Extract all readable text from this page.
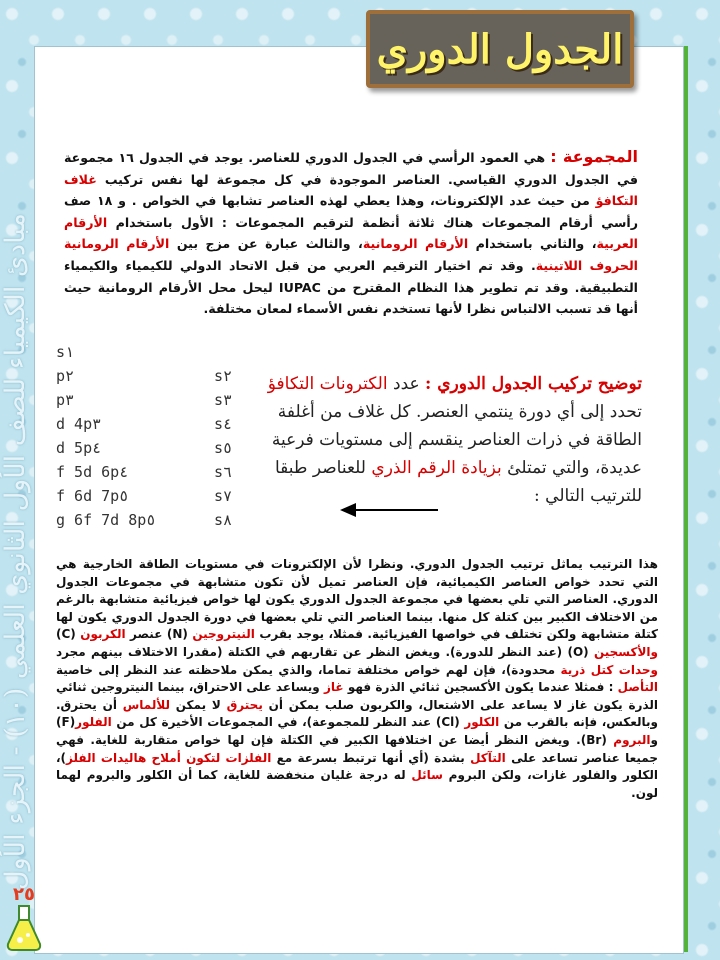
مبادئ الكيمياء للصف الأول الثانوي العلمي (١٠) - الجزء الأول
الجدول الدوري
المجموعة : هي العمود الرأسي في الجدول الدوري للعناصر. يوجد في الجدول ١٦ مجموعة في الجدول الدوري القياسي. العناصر الموجودة في كل مجموعة لها نفس تركيب غلاف التكافؤ من حيث عدد الإلكترونات، وهذا يعطي لهذه العناصر تشابها في الخواص . و ١٨ صف رأسي أرقام المجموعات هناك ثلاثة أنظمة لترقيم المجموعات : الأول باستخدام الأرقام العربية، والثاني باستخدام الأرقام الرومانية، والثالث عبارة عن مزج بين الأرقام الرومانية الحروف اللاتينية. وقد تم اختيار الترقيم العربي من قبل الاتحاد الدولي للكيمياء والكيمياء التطبيقية. وقد تم تطوير هذا النظام المقترح من IUPAC ليحل محل الأرقام الرومانية حيث أنها قد تسبب الالتباس نظرا لأنها تستخدم نفس الأسماء لمعان مختلفة.
s١
p٢	s٢
p٣	s٣
d 4p٣	s٤
d 5p٤	s٥
f 5d 6p٤	s٦
f 6d 7p٥	s٧
g 6f 7d 8p٥	s٨
توضيح تركيب الجدول الدوري : عدد الكترونات التكافؤ تحدد إلى أي دورة ينتمي العنصر. كل غلاف من أغلفة الطاقة في ذرات العناصر ينقسم إلى مستويات فرعية عديدة، والتي تمتلئ بزيادة الرقم الذري للعناصر طبقا للترتيب التالي :
هذا الترتيب يماثل ترتيب الجدول الدوري. ونظرا لأن الإلكترونات في مستويات الطاقة الخارجية هي التي تحدد خواص العناصر الكيميائية، فإن العناصر تميل لأن تكون متشابهة في مجموعات الجدول الدوري. العناصر التي تلي بعضها في مجموعة الجدول الدوري يكون لها خواص فيزيائية متشابهة بالرغم من الاختلاف الكبير بين كتلة كل منها. بينما العناصر التي تلي بعضها في دورة الجدول الدوري يكون لها كتلة متشابهة ولكن تختلف في خواصها الفيزيائية. فمثلا، يوجد بقرب النيتروجين (N) عنصر الكربون (C) والأكسجين (O) (عند النظر للدورة). ويغض النظر عن تقاربهم في الكتلة (مقدرا الاختلاف بينهم مجرد وحدات كتل ذرية محدودة)، فإن لهم خواص مختلفة تماما، والذي يمكن ملاحظته عند النظر إلى خاصية التأصل : فمثلا عندما يكون الأكسجين ثنائي الذرة فهو غاز ويساعد على الاحتراق، بينما النيتروجين ثنائي الذرة يكون غاز لا يساعد على الاشتعال، والكربون صلب يمكن أن يحترق لا يمكن للألماس أن يحترق. وبالعكس، فإنه بالقرب من الكلور (Cl) عند النظر للمجموعة)، في المجموعات الأخيرة كل من الفلور(F) والبروم (Br). ويغض النظر أيضا عن اختلافها الكبير في الكتلة فإن لها خواص متقاربة للغاية. فهي جميعا عناصر تساعد على التآكل بشدة (أي أنها ترتبط بسرعة مع الفلزات لتكون أملاح هاليدات الفلز)، الكلور والفلور غازات، ولكن البروم سائل له درجة غليان منخفضة للغاية، كما أن الكلور والبروم لهما لون.
٢٥
